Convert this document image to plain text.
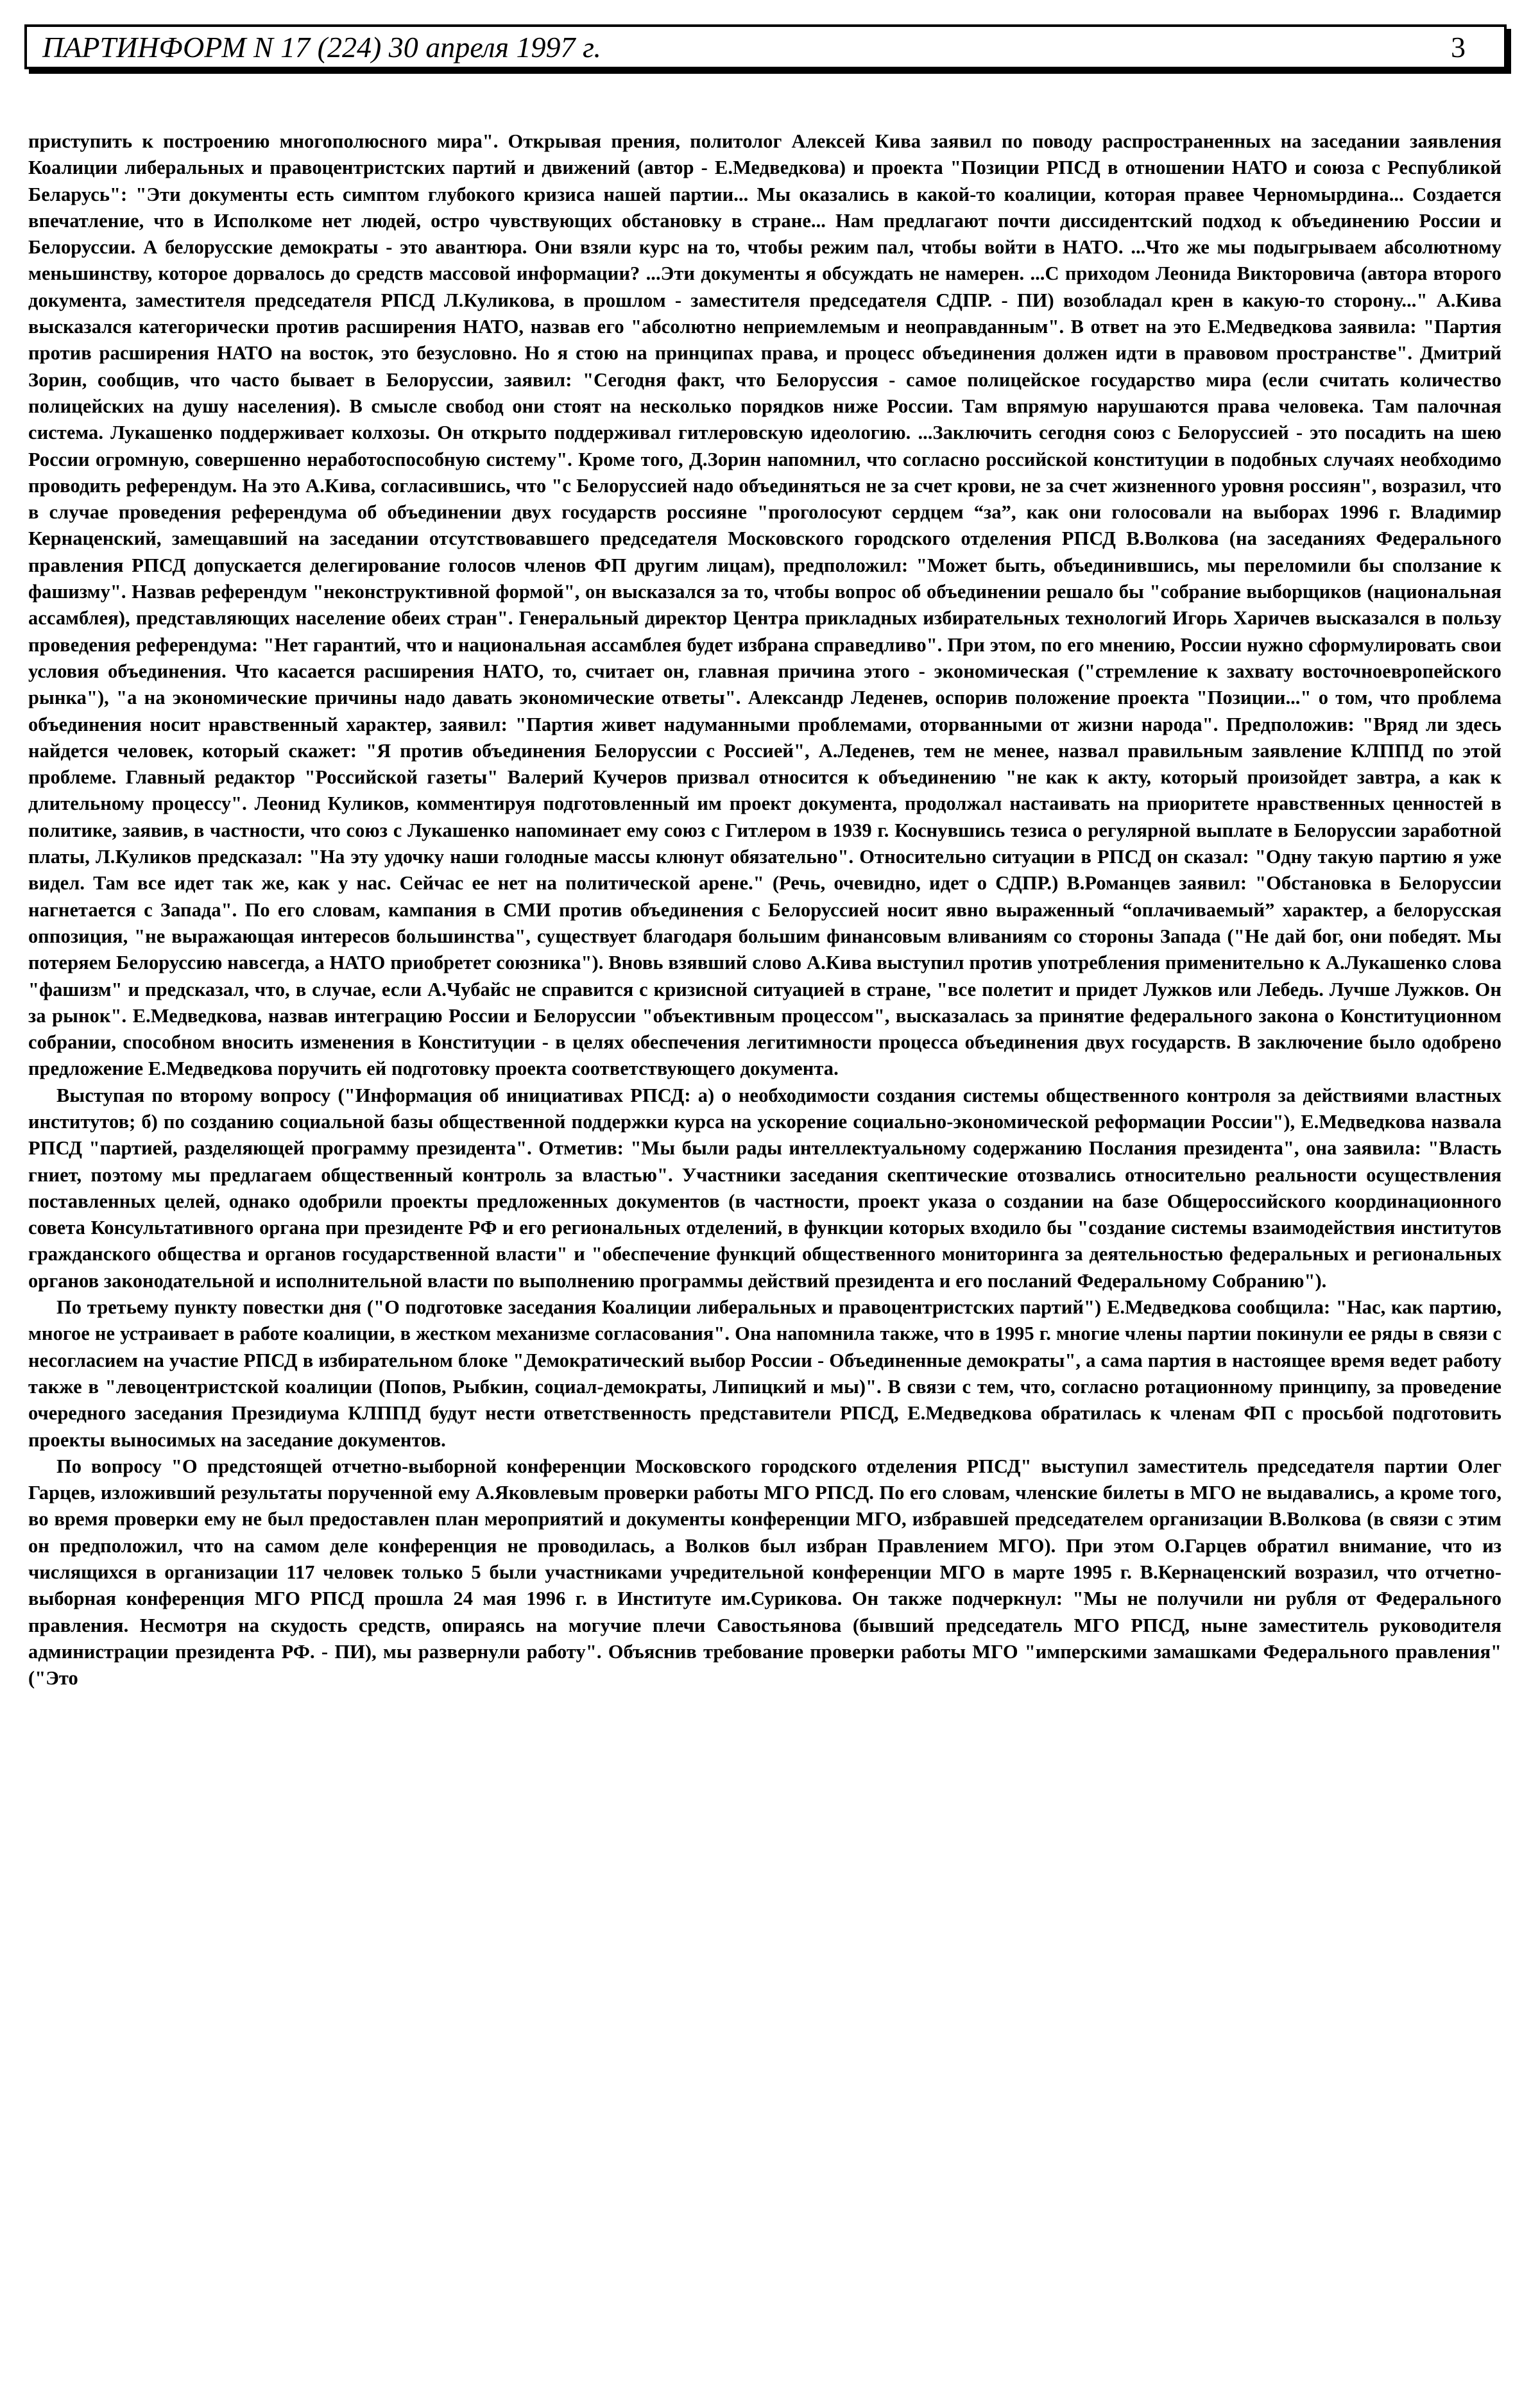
ПАРТИНФОРМ N 17 (224) 30 апреля 1997 г.	3

приступить к построению многополюсного мира". Открывая прения, политолог Алексей Кива заявил по поводу распространенных на заседании заявления Коалиции либеральных и правоцентристских партий и движений (автор - Е.Медведкова) и проекта "Позиции РПСД в отношении НАТО и союза с Республикой Беларусь": "Эти документы есть симптом глубокого кризиса нашей партии... Мы оказались в какой-то коалиции, которая правее Черномырдина... Создается впечатление, что в Исполкоме нет людей, остро чувствующих обстановку в стране... Нам предлагают почти диссидентский подход к объединению России и Белоруссии. А белорусские демократы - это авантюра. Они взяли курс на то, чтобы режим пал, чтобы войти в НАТО. ...Что же мы подыгрываем абсолютному меньшинству, которое дорвалось до средств массовой информации? ...Эти документы я обсуждать не намерен. ...С приходом Леонида Викторовича (автора второго документа, заместителя председателя РПСД Л.Куликова, в прошлом - заместителя председателя СДПР. - ПИ) возобладал крен в какую-то сторону..." А.Кива высказался категорически против расширения НАТО, назвав его "абсолютно неприемлемым и неоправданным". В ответ на это Е.Медведкова заявила: "Партия против расширения НАТО на восток, это безусловно. Но я стою на принципах права, и процесс объединения должен идти в правовом пространстве". Дмитрий Зорин, сообщив, что часто бывает в Белоруссии, заявил: "Сегодня факт, что Белоруссия - самое полицейское государство мира (если считать количество полицейских на душу населения). В смысле свобод они стоят на несколько порядков ниже России. Там впрямую нарушаются права человека. Там палочная система. Лукашенко поддерживает колхозы. Он открыто поддерживал гитлеровскую идеологию. ...Заключить сегодня союз с Белоруссией - это посадить на шею России огромную, совершенно неработоспособную систему". Кроме того, Д.Зорин напомнил, что согласно российской конституции в подобных случаях необходимо проводить референдум. На это А.Кива, согласившись, что "с Белоруссией надо объединяться не за счет крови, не за счет жизненного уровня россиян", возразил, что в случае проведения референдума об объединении двух государств россияне "проголосуют сердцем “за”, как они голосовали на выборах 1996 г. Владимир Кернаценский, замещавший на заседании отсутствовавшего председателя Московского городского отделения РПСД В.Волкова (на заседаниях Федерального правления РПСД допускается делегирование голосов членов ФП другим лицам), предположил: "Может быть, объединившись, мы переломили бы сползание к фашизму". Назвав референдум "неконструктивной формой", он высказался за то, чтобы вопрос об объединении решало бы "собрание выборщиков (национальная ассамблея), представляющих население обеих стран". Генеральный директор Центра прикладных избирательных технологий Игорь Харичев высказался в пользу проведения референдума: "Нет гарантий, что и национальная ассамблея будет избрана справедливо". При этом, по его мнению, России нужно сформулировать свои условия объединения. Что касается расширения НАТО, то, считает он, главная причина этого - экономическая ("стремление к захвату восточноевропейского рынка"), "а на экономические причины надо давать экономические ответы". Александр Леденев, оспорив положение проекта "Позиции..." о том, что проблема объединения носит нравственный характер, заявил: "Партия живет надуманными проблемами, оторванными от жизни народа". Предположив: "Вряд ли здесь найдется человек, который скажет: "Я против объединения Белоруссии с Россией", А.Леденев, тем не менее, назвал правильным заявление КЛППД по этой проблеме. Главный редактор "Российской газеты" Валерий Кучеров призвал относится к объединению "не как к акту, который произойдет завтра, а как к длительному процессу". Леонид Куликов, комментируя подготовленный им проект документа, продолжал настаивать на приоритете нравственных ценностей в политике, заявив, в частности, что союз с Лукашенко напоминает ему союз с Гитлером в 1939 г. Коснувшись тезиса о регулярной выплате в Белоруссии заработной платы, Л.Куликов предсказал: "На эту удочку наши голодные массы клюнут обязательно". Относительно ситуации в РПСД он сказал: "Одну такую партию я уже видел. Там все идет так же, как у нас. Сейчас ее нет на политической арене." (Речь, очевидно, идет о СДПР.) В.Романцев заявил: "Обстановка в Белоруссии нагнетается с Запада". По его словам, кампания в СМИ против объединения с Белоруссией носит явно выраженный “оплачиваемый” характер, а белорусская оппозиция, "не выражающая интересов большинства", существует благодаря большим финансовым вливаниям со стороны Запада ("Не дай бог, они победят. Мы потеряем Белоруссию навсегда, а НАТО приобретет союзника"). Вновь взявший слово А.Кива выступил против употребления применительно к А.Лукашенко слова "фашизм" и предсказал, что, в случае, если А.Чубайс не справится с кризисной ситуацией в стране, "все полетит и придет Лужков или Лебедь. Лучше Лужков. Он за рынок". Е.Медведкова, назвав интеграцию России и Белоруссии "объективным процессом", высказалась за принятие федерального закона о Конституционном собрании, способном вносить изменения в Конституции - в целях обеспечения легитимности процесса объединения двух государств. В заключение было одобрено предложение Е.Медведкова поручить ей подготовку проекта соответствующего документа.

Выступая по второму вопросу ("Информация об инициативах РПСД: а) о необходимости создания системы общественного контроля за действиями властных институтов; б) по созданию социальной базы общественной поддержки курса на ускорение социально-экономической реформации России"), Е.Медведкова назвала РПСД "партией, разделяющей программу президента". Отметив: "Мы были рады интеллектуальному содержанию Послания президента", она заявила: "Власть гниет, поэтому мы предлагаем общественный контроль за властью". Участники заседания скептические отозвались относительно реальности осуществления поставленных целей, однако одобрили проекты предложенных документов (в частности, проект указа о создании на базе Общероссийского координационного совета Консультативного органа при президенте РФ и его региональных отделений, в функции которых входило бы "создание системы взаимодействия институтов гражданского общества и органов государственной власти" и "обеспечение функций общественного мониторинга за деятельностью федеральных и региональных органов законодательной и исполнительной власти по выполнению программы действий президента и его посланий Федеральному Собранию").

По третьему пункту повестки дня ("О подготовке заседания Коалиции либеральных и правоцентристских партий") Е.Медведкова сообщила: "Нас, как партию, многое не устраивает в работе коалиции, в жестком механизме согласования". Она напомнила также, что в 1995 г. многие члены партии покинули ее ряды в связи с несогласием на участие РПСД в избирательном блоке "Демократический выбор России - Объединенные демократы", а сама партия в настоящее время ведет работу также в "левоцентристской коалиции (Попов, Рыбкин, социал-демократы, Липицкий и мы)". В связи с тем, что, согласно ротационному принципу, за проведение очередного заседания Президиума КЛППД будут нести ответственность представители РПСД, Е.Медведкова обратилась к членам ФП с просьбой подготовить проекты выносимых на заседание документов.

По вопросу "О предстоящей отчетно-выборной конференции Московского городского отделения РПСД" выступил заместитель председателя партии Олег Гарцев, изложивший результаты порученной ему А.Яковлевым проверки работы МГО РПСД. По его словам, членские билеты в МГО не выдавались, а кроме того, во время проверки ему не был предоставлен план мероприятий и документы конференции МГО, избравшей председателем организации В.Волкова (в связи с этим он предположил, что на самом деле конференция не проводилась, а Волков был избран Правлением МГО). При этом О.Гарцев обратил внимание, что из числящихся в организации 117 человек только 5 были участниками учредительной конференции МГО в марте 1995 г. В.Кернаценский возразил, что отчетно-выборная конференция МГО РПСД прошла 24 мая 1996 г. в Институте им.Сурикова. Он также подчеркнул: "Мы не получили ни рубля от Федерального правления. Несмотря на скудость средств, опираясь на могучие плечи Савостьянова (бывший председатель МГО РПСД, ныне заместитель руководителя администрации президента РФ. - ПИ), мы развернули работу". Объяснив требование проверки работы МГО "имперскими замашками Федерального правления" ("Это
